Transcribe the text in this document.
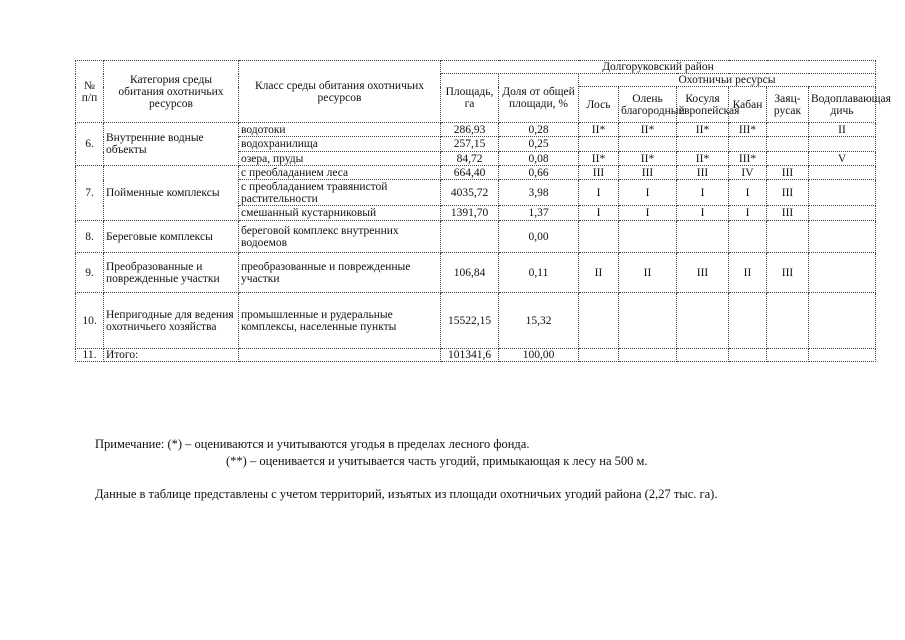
№ п/п	Категория среды обитания охотничьих ресурсов	Класс среды обитания охотничьих ресурсов	Долгоруковский район							
			Площадь, га	Доля от общей площади, %	Охотничьи ресурсы					
					Лось	Олень благородный	Косуля европейская	Кабан	Заяц-русак	Водоплавающая дичь
6.	Внутренние водные объекты	водотоки	286,93	0,28	II*	II*	II*	III*		II
		водохранилища	257,15	0,25						
		озера, пруды	84,72	0,08	II*	II*	II*	III*		V
7.	Пойменные комплексы	с преобладанием леса	664,40	0,66	III	III	III	IV	III	
		с преобладанием травянистой растительности	4035,72	3,98	I	I	I	I	III	
		смешанный кустарниковый	1391,70	1,37	I	I	I	I	III	
8.	Береговые комплексы	береговой комплекс внутренних водоемов		0,00						
9.	Преобразованные и поврежденные участки	преобразованные и поврежденные участки	106,84	0,11	II	II	III	II	III	
10.	Непригодные для ведения охотничьего хозяйства	промышленные и рудеральные комплексы, населенные пункты	15522,15	15,32						
11.	Итого:		101341,6	100,00						
Примечание: (*) – оцениваются и учитываются угодья в пределах лесного фонда.
(**) – оценивается и учитывается часть угодий, примыкающая к лесу на 500 м.
Данные в таблице представлены с учетом территорий, изъятых из площади охотничьих угодий района (2,27 тыс. га).
